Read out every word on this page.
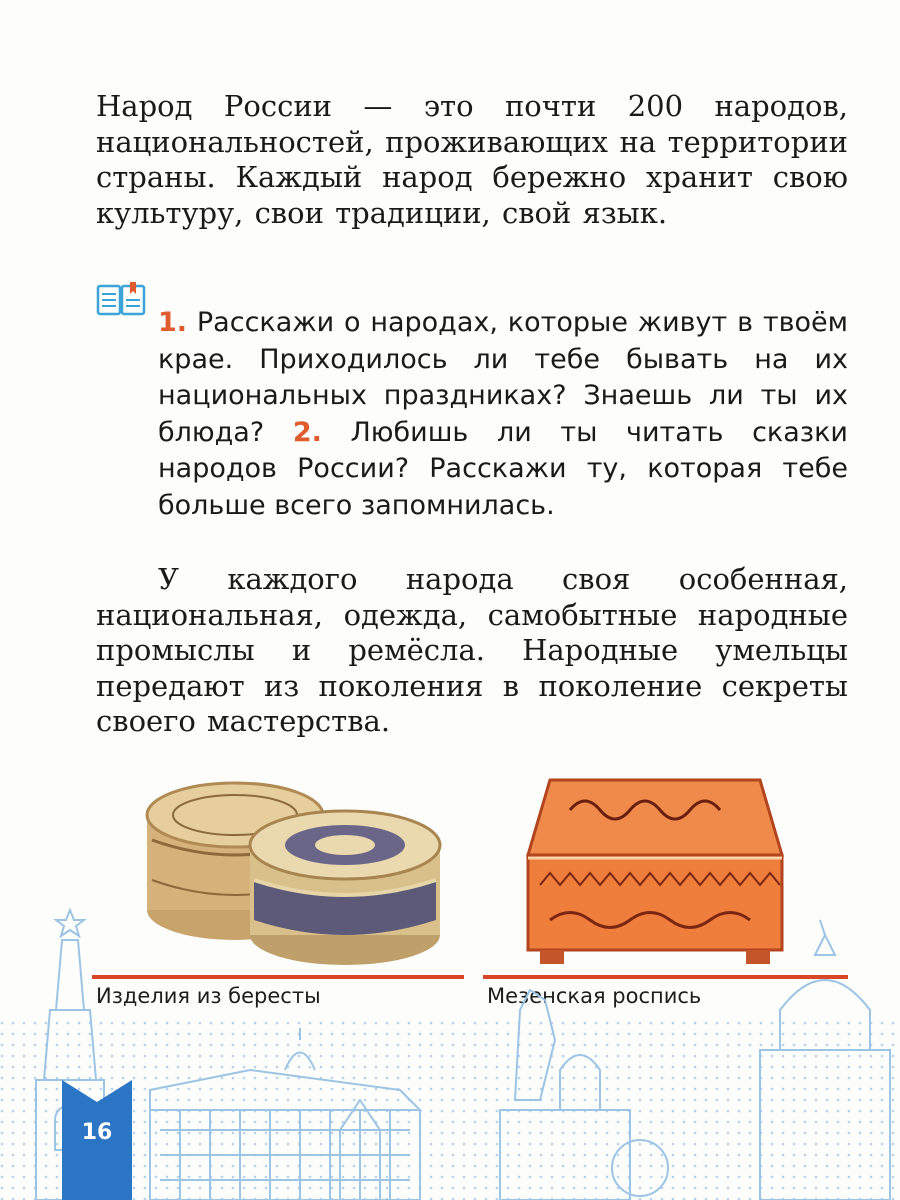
Народ России — это почти 200 народов, национальностей, проживающих на территории страны. Каждый народ бережно хранит свою культуру, свои традиции, свой язык.

1. Расскажи о народах, которые живут в твоём крае. Приходилось ли тебе бывать на их национальных праздниках? Знаешь ли ты их блюда? 2. Любишь ли ты читать сказки народов России? Расскажи ту, которая тебе больше всего запомнилась.

У каждого народа своя особенная, национальная, одежда, самобытные народные промыслы и ремёсла. Народные умельцы передают из поколения в поколение секреты своего мастерства.

Изделия из бересты	Мезенская роспись
16
